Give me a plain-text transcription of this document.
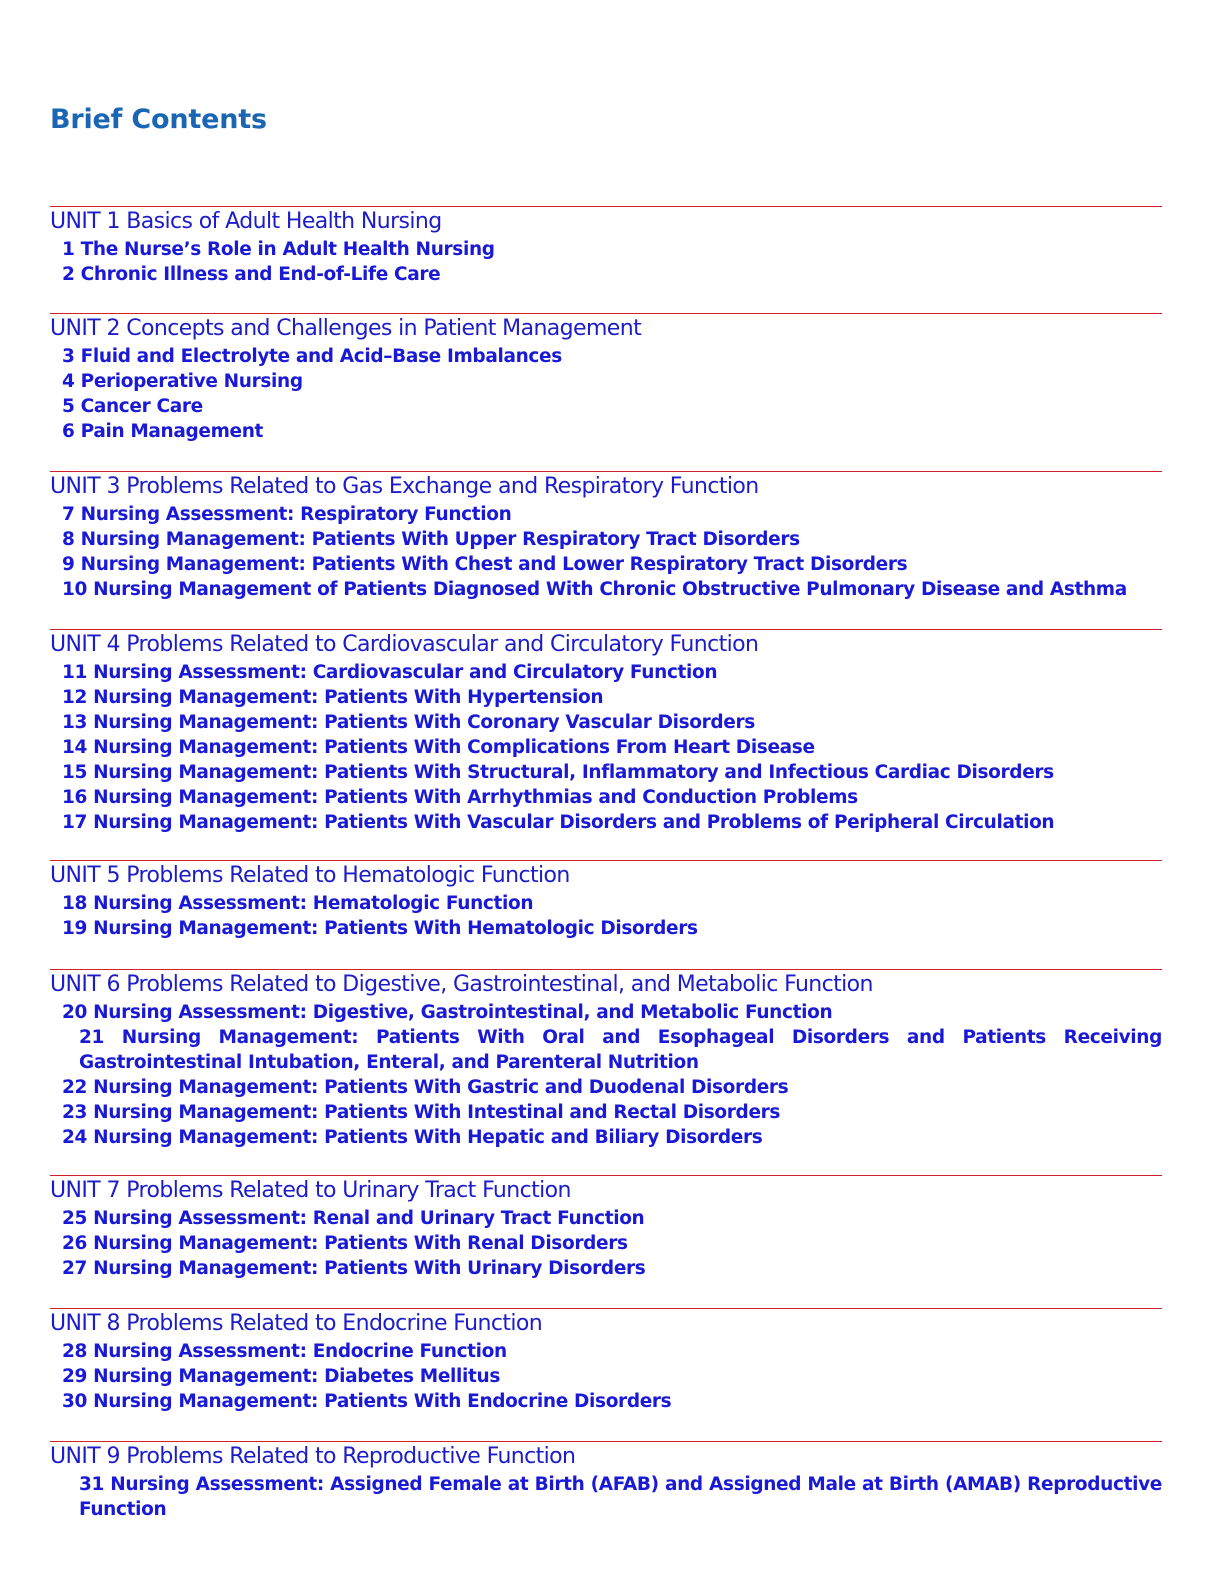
Brief Contents
UNIT 1 Basics of Adult Health Nursing
1 The Nurse’s Role in Adult Health Nursing
2 Chronic Illness and End-of-Life Care
UNIT 2 Concepts and Challenges in Patient Management
3 Fluid and Electrolyte and Acid–Base Imbalances
4 Perioperative Nursing
5 Cancer Care
6 Pain Management
UNIT 3 Problems Related to Gas Exchange and Respiratory Function
7 Nursing Assessment: Respiratory Function
8 Nursing Management: Patients With Upper Respiratory Tract Disorders
9 Nursing Management: Patients With Chest and Lower Respiratory Tract Disorders
10 Nursing Management of Patients Diagnosed With Chronic Obstructive Pulmonary Disease and Asthma
UNIT 4 Problems Related to Cardiovascular and Circulatory Function
11 Nursing Assessment: Cardiovascular and Circulatory Function
12 Nursing Management: Patients With Hypertension
13 Nursing Management: Patients With Coronary Vascular Disorders
14 Nursing Management: Patients With Complications From Heart Disease
15 Nursing Management: Patients With Structural, Inflammatory and Infectious Cardiac Disorders
16 Nursing Management: Patients With Arrhythmias and Conduction Problems
17 Nursing Management: Patients With Vascular Disorders and Problems of Peripheral Circulation
UNIT 5 Problems Related to Hematologic Function
18 Nursing Assessment: Hematologic Function
19 Nursing Management: Patients With Hematologic Disorders
UNIT 6 Problems Related to Digestive, Gastrointestinal, and Metabolic Function
20 Nursing Assessment: Digestive, Gastrointestinal, and Metabolic Function
21 Nursing Management: Patients With Oral and Esophageal Disorders and Patients Receiving Gastrointestinal Intubation, Enteral, and Parenteral Nutrition
22 Nursing Management: Patients With Gastric and Duodenal Disorders
23 Nursing Management: Patients With Intestinal and Rectal Disorders
24 Nursing Management: Patients With Hepatic and Biliary Disorders
UNIT 7 Problems Related to Urinary Tract Function
25 Nursing Assessment: Renal and Urinary Tract Function
26 Nursing Management: Patients With Renal Disorders
27 Nursing Management: Patients With Urinary Disorders
UNIT 8 Problems Related to Endocrine Function
28 Nursing Assessment: Endocrine Function
29 Nursing Management: Diabetes Mellitus
30 Nursing Management: Patients With Endocrine Disorders
UNIT 9 Problems Related to Reproductive Function
31 Nursing Assessment: Assigned Female at Birth (AFAB) and Assigned Male at Birth (AMAB) Reproductive Function
